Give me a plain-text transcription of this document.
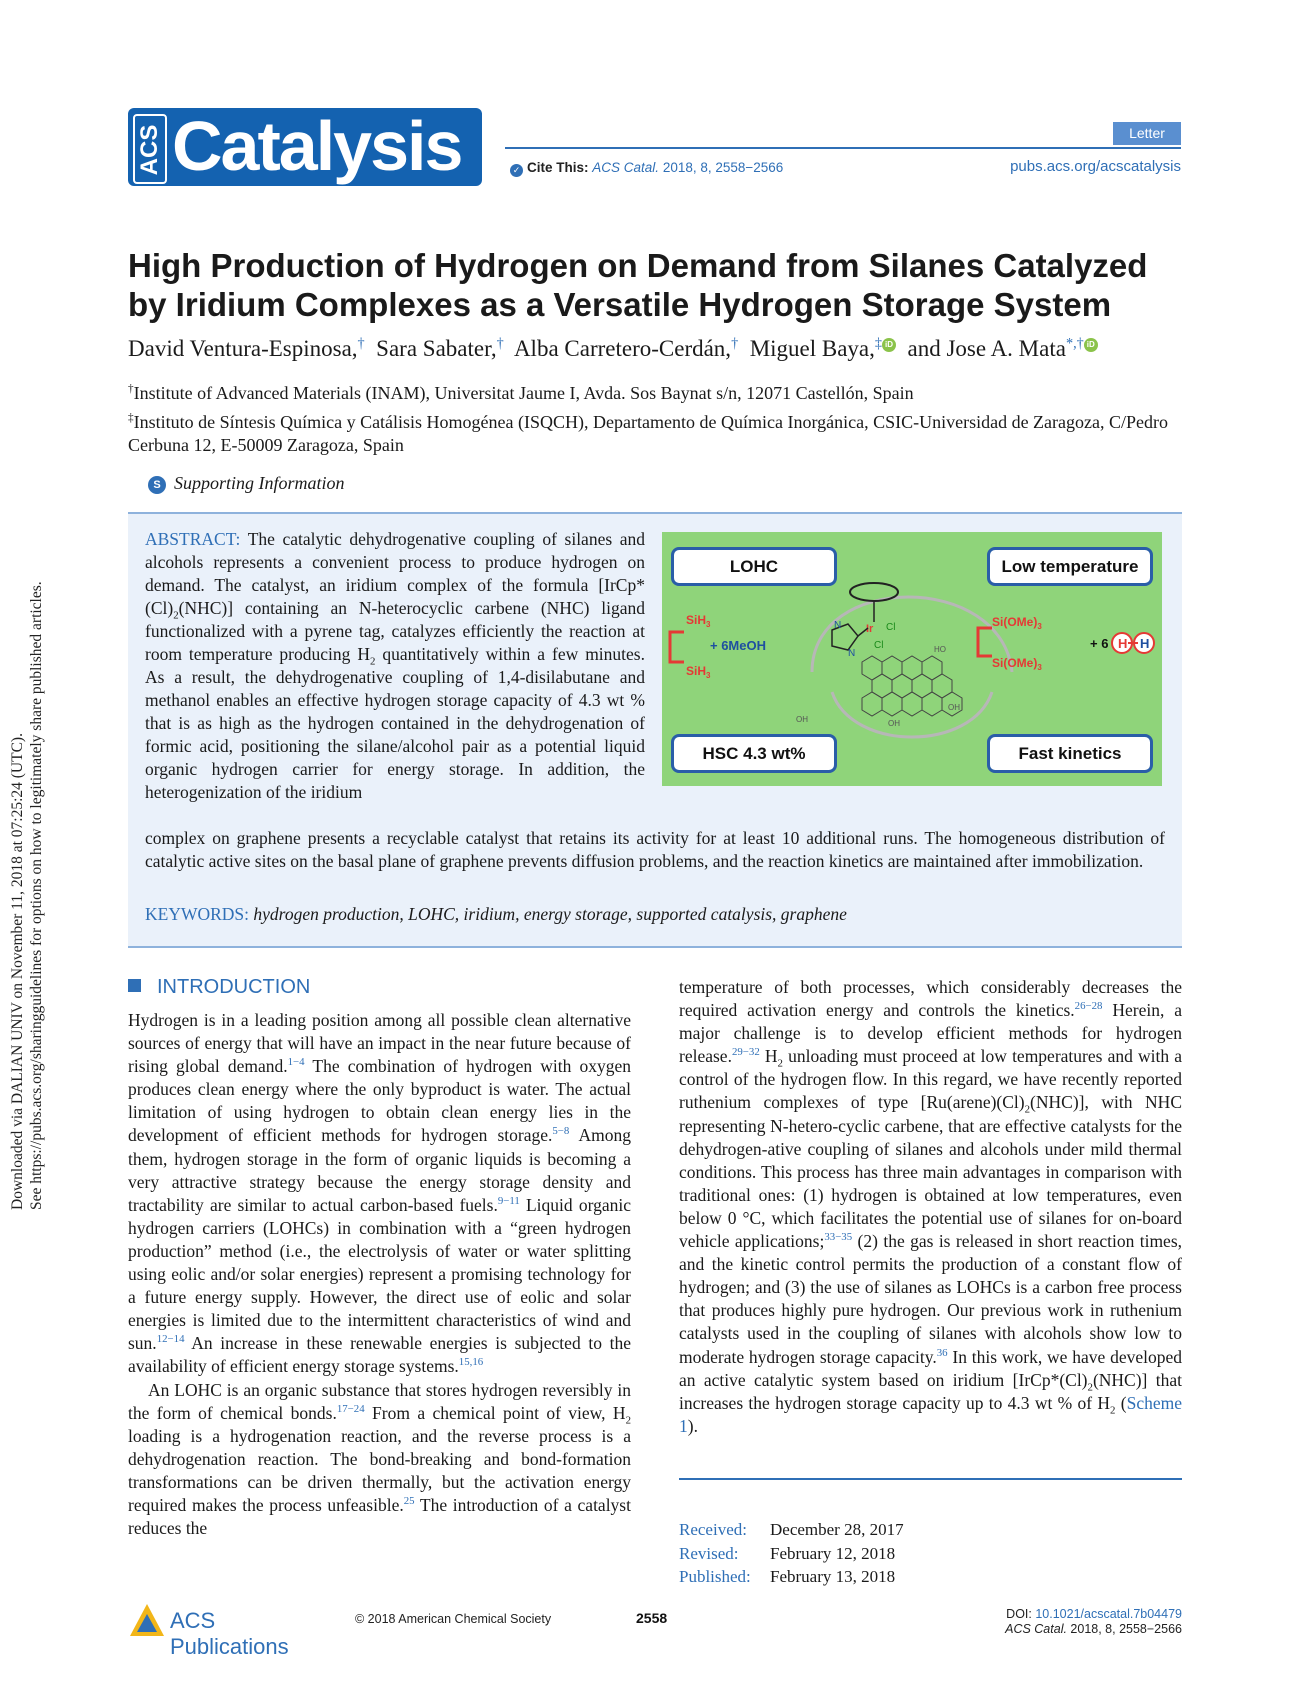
Downloaded via DALIAN UNIV on November 11, 2018 at 07:25:24 (UTC). See https://pubs.acs.org/sharingguidelines for options on how to legitimately share published articles.
ACS Catalysis	Letter
✓ Cite This: ACS Catal. 2018, 8, 2558−2566	pubs.acs.org/acscatalysis
High Production of Hydrogen on Demand from Silanes Catalyzed by Iridium Complexes as a Versatile Hydrogen Storage System
David Ventura-Espinosa,† Sara Sabater,† Alba Carretero-Cerdán,† Miguel Baya,‡ iD and Jose A. Mata*,† iD
†Institute of Advanced Materials (INAM), Universitat Jaume I, Avda. Sos Baynat s/n, 12071 Castellón, Spain
‡Instituto de Síntesis Química y Catálisis Homogénea (ISQCH), Departamento de Química Inorgánica, CSIC-Universidad de Zaragoza, C/Pedro Cerbuna 12, E-50009 Zaragoza, Spain
S Supporting Information
ABSTRACT: The catalytic dehydrogenative coupling of silanes and alcohols represents a convenient process to produce hydrogen on demand. The catalyst, an iridium complex of the formula $[IrCp*(Cl)_2(NHC)]$ containing an N-heterocyclic carbene (NHC) ligand functionalized with a pyrene tag, catalyzes efficiently the reaction at room temperature producing $H_2$ quantitatively within a few minutes. As a result, the dehydrogenative coupling of 1,4-disilabutane and methanol enables an effective hydrogen storage capacity of 4.3 wt % that is as high as the hydrogen contained in the dehydrogenation of formic acid, positioning the silane/alcohol pair as a potential liquid organic hydrogen carrier for energy storage. In addition, the heterogenization of the iridium
complex on graphene presents a recyclable catalyst that retains its activity for at least 10 additional runs. The homogeneous distribution of catalytic active sites on the basal plane of graphene prevents diffusion problems, and the reaction kinetics are maintained after immobilization.
KEYWORDS: hydrogen production, LOHC, iridium, energy storage, supported catalysis, graphene
LOHC	Low temperature
HSC 4.3 wt%	Fast kinetics
SiH$_3$
SiH$_3$
+ 6MeOH
Ir Cl
Cl
N
N	HO
OH
OH	OH
$Si(OMe)_3$
$Si(OMe)_3$
+ 6 H H
INTRODUCTION

Hydrogen is in a leading position among all possible clean alternative sources of energy that will have an impact in the near future because of rising global demand.$^{1-4}$ The combination of hydrogen with oxygen produces clean energy where the only byproduct is water. The actual limitation of using hydrogen to obtain clean energy lies in the development of efficient methods for hydrogen storage.$^{5-8}$ Among them, hydrogen storage in the form of organic liquids is becoming a very attractive strategy because the energy storage density and tractability are similar to actual carbon-based fuels.$^{9-11}$ Liquid organic hydrogen carriers (LOHCs) in combination with a “green hydrogen production” method (i.e., the electrolysis of water or water splitting using eolic and/or solar energies) represent a promising technology for a future energy supply. However, the direct use of eolic and solar energies is limited due to the intermittent characteristics of wind and sun.$^{12-14}$ An increase in these renewable energies is subjected to the availability of efficient energy storage systems.$^{15,16}$

An LOHC is an organic substance that stores hydrogen reversibly in the form of chemical bonds.$^{17-24}$ From a chemical point of view, $H_2$ loading is a hydrogenation reaction, and the reverse process is a dehydrogenation reaction. The bond-breaking and bond-formation transformations can be driven thermally, but the activation energy required makes the process unfeasible.$^{25}$ The introduction of a catalyst reduces the

temperature of both processes, which considerably decreases the required activation energy and controls the kinetics.$^{26-28}$ Herein, a major challenge is to develop efficient methods for hydrogen release.$^{29-32}$ $H_2$ unloading must proceed at low temperatures and with a control of the hydrogen flow. In this regard, we have recently reported ruthenium complexes of type $[Ru(arene)(Cl)_2(NHC)]$, with NHC representing N-hetero-cyclic carbene, that are effective catalysts for the dehydrogen-ative coupling of silanes and alcohols under mild thermal conditions. This process has three main advantages in comparison with traditional ones: (1) hydrogen is obtained at low temperatures, even below 0 °C, which facilitates the potential use of silanes for on-board vehicle applications;$^{33-35}$ (2) the gas is released in short reaction times, and the kinetic control permits the production of a constant flow of hydrogen; and (3) the use of silanes as LOHCs is a carbon free process that produces highly pure hydrogen. Our previous work in ruthenium catalysts used in the coupling of silanes with alcohols show low to moderate hydrogen storage capacity.$^{36}$ In this work, we have developed an active catalytic system based on iridium $[IrCp*(Cl)_2(NHC)]$ that increases the hydrogen storage capacity up to 4.3 wt % of $H_2$ (Scheme 1).

Received: December 28, 2017
Revised: February 12, 2018
Published: February 13, 2018
ACS Publications
© 2018 American Chemical Society	2558	DOI: 10.1021/acscatal.7b04479
ACS Catal. 2018, 8, 2558−2566
